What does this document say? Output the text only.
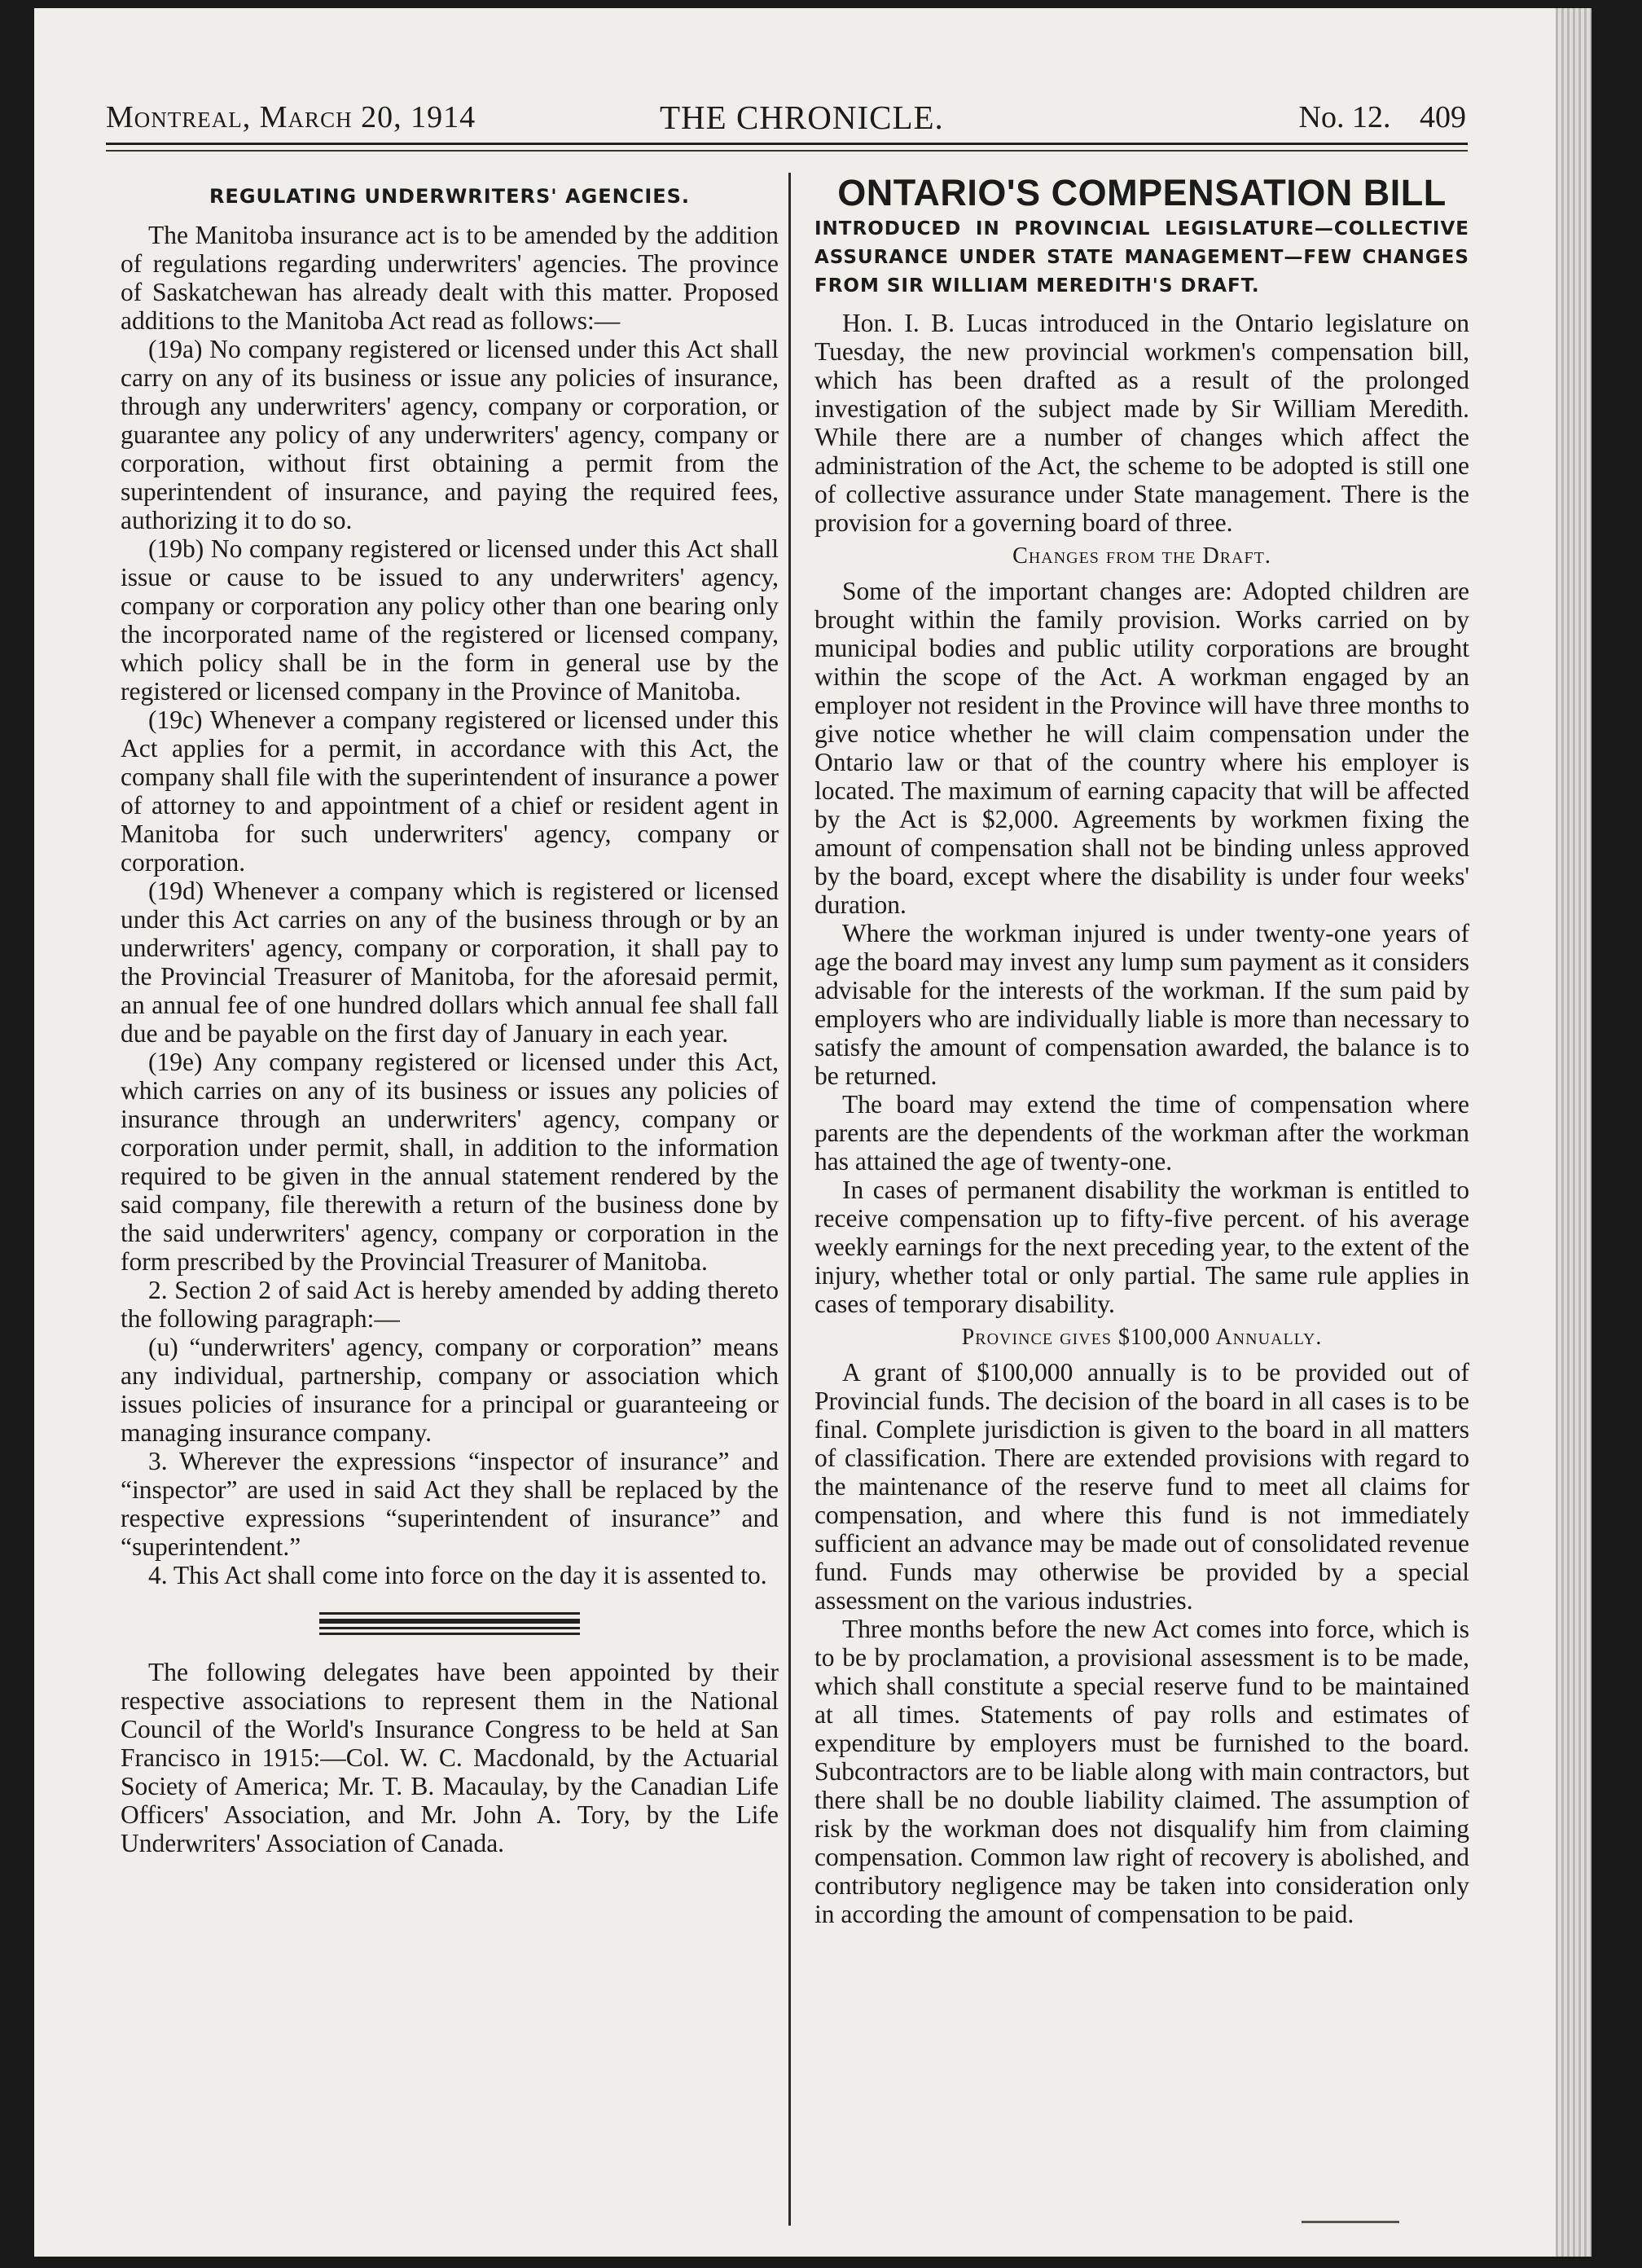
Montreal, March 20, 1914	THE CHRONICLE.	No. 12. 409
REGULATING UNDERWRITERS' AGENCIES.

The Manitoba insurance act is to be amended by the addition of regulations regarding underwriters' agencies. The province of Saskatchewan has already dealt with this matter. Proposed additions to the Manitoba Act read as follows:—

(19a) No company registered or licensed under this Act shall carry on any of its business or issue any policies of insurance, through any underwriters' agency, company or corporation, or guarantee any policy of any underwriters' agency, company or corporation, without first obtaining a permit from the superintendent of insurance, and paying the required fees, authorizing it to do so.

(19b) No company registered or licensed under this Act shall issue or cause to be issued to any underwriters' agency, company or corporation any policy other than one bearing only the incorporated name of the registered or licensed company, which policy shall be in the form in general use by the registered or licensed company in the Province of Manitoba.

(19c) Whenever a company registered or licensed under this Act applies for a permit, in accordance with this Act, the company shall file with the superintendent of insurance a power of attorney to and appointment of a chief or resident agent in Manitoba for such underwriters' agency, company or corporation.

(19d) Whenever a company which is registered or licensed under this Act carries on any of the business through or by an underwriters' agency, company or corporation, it shall pay to the Provincial Treasurer of Manitoba, for the aforesaid permit, an annual fee of one hundred dollars which annual fee shall fall due and be payable on the first day of January in each year.

(19e) Any company registered or licensed under this Act, which carries on any of its business or issues any policies of insurance through an underwriters' agency, company or corporation under permit, shall, in addition to the information required to be given in the annual statement rendered by the said company, file therewith a return of the business done by the said underwriters' agency, company or corporation in the form prescribed by the Provincial Treasurer of Manitoba.

2. Section 2 of said Act is hereby amended by adding thereto the following paragraph:—

(u) “underwriters' agency, company or corporation” means any individual, partnership, company or association which issues policies of insurance for a principal or guaranteeing or managing insurance company.

3. Wherever the expressions “inspector of insurance” and “inspector” are used in said Act they shall be replaced by the respective expressions “superintendent of insurance” and “superintendent.”

4. This Act shall come into force on the day it is assented to.

The following delegates have been appointed by their respective associations to represent them in the National Council of the World's Insurance Congress to be held at San Francisco in 1915:—Col. W. C. Macdonald, by the Actuarial Society of America; Mr. T. B. Macaulay, by the Canadian Life Officers' Association, and Mr. John A. Tory, by the Life Underwriters' Association of Canada.

ONTARIO'S COMPENSATION BILL
INTRODUCED IN PROVINCIAL LEGISLATURE—COLLECTIVE ASSURANCE UNDER STATE MANAGEMENT—FEW CHANGES FROM SIR WILLIAM MEREDITH'S DRAFT.

Hon. I. B. Lucas introduced in the Ontario legislature on Tuesday, the new provincial workmen's compensation bill, which has been drafted as a result of the prolonged investigation of the subject made by Sir William Meredith. While there are a number of changes which affect the administration of the Act, the scheme to be adopted is still one of collective assurance under State management. There is the provision for a governing board of three.

Changes from the Draft.

Some of the important changes are: Adopted children are brought within the family provision. Works carried on by municipal bodies and public utility corporations are brought within the scope of the Act. A workman engaged by an employer not resident in the Province will have three months to give notice whether he will claim compensation under the Ontario law or that of the country where his employer is located. The maximum of earning capacity that will be affected by the Act is $2,000. Agreements by workmen fixing the amount of compensation shall not be binding unless approved by the board, except where the disability is under four weeks' duration.

Where the workman injured is under twenty-one years of age the board may invest any lump sum payment as it considers advisable for the interests of the workman. If the sum paid by employers who are individually liable is more than necessary to satisfy the amount of compensation awarded, the balance is to be returned.

The board may extend the time of compensation where parents are the dependents of the workman after the workman has attained the age of twenty-one.

In cases of permanent disability the workman is entitled to receive compensation up to fifty-five percent. of his average weekly earnings for the next preceding year, to the extent of the injury, whether total or only partial. The same rule applies in cases of temporary disability.

Province gives $100,000 Annually.

A grant of $100,000 annually is to be provided out of Provincial funds. The decision of the board in all cases is to be final. Complete jurisdiction is given to the board in all matters of classification. There are extended provisions with regard to the maintenance of the reserve fund to meet all claims for compensation, and where this fund is not immediately sufficient an advance may be made out of consolidated revenue fund. Funds may otherwise be provided by a special assessment on the various industries.

Three months before the new Act comes into force, which is to be by proclamation, a provisional assessment is to be made, which shall constitute a special reserve fund to be maintained at all times. Statements of pay rolls and estimates of expenditure by employers must be furnished to the board. Subcontractors are to be liable along with main contractors, but there shall be no double liability claimed. The assumption of risk by the workman does not disqualify him from claiming compensation. Common law right of recovery is abolished, and contributory negligence may be taken into consideration only in according the amount of compensation to be paid.
